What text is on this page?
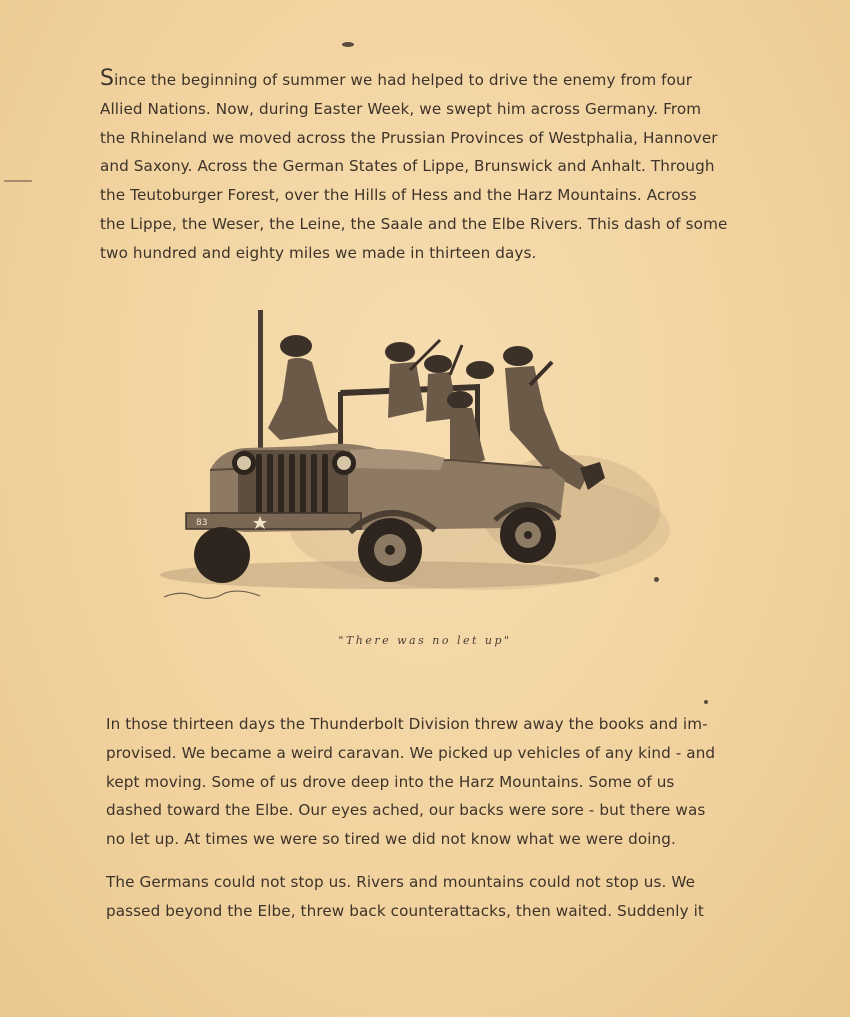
Since the beginning of summer we had helped to drive the enemy from four
Allied Nations. Now, during Easter Week, we swept him across Germany. From
the Rhineland we moved across the Prussian Provinces of Westphalia, Hannover
and Saxony. Across the German States of Lippe, Brunswick and Anhalt. Through
the Teutoburger Forest, over the Hills of Hess and the Harz Mountains. Across
the Lippe, the Weser, the Leine, the Saale and the Elbe Rivers. This dash of some
two hundred and eighty miles we made in thirteen days.

83
"There was no let up"

In those thirteen days the Thunderbolt Division threw away the books and im-
provised. We became a weird caravan. We picked up vehicles of any kind - and
kept moving. Some of us drove deep into the Harz Mountains. Some of us
dashed toward the Elbe. Our eyes ached, our backs were sore - but there was
no let up. At times we were so tired we did not know what we were doing.

The Germans could not stop us. Rivers and mountains could not stop us. We
passed beyond the Elbe, threw back counterattacks, then waited. Suddenly it
